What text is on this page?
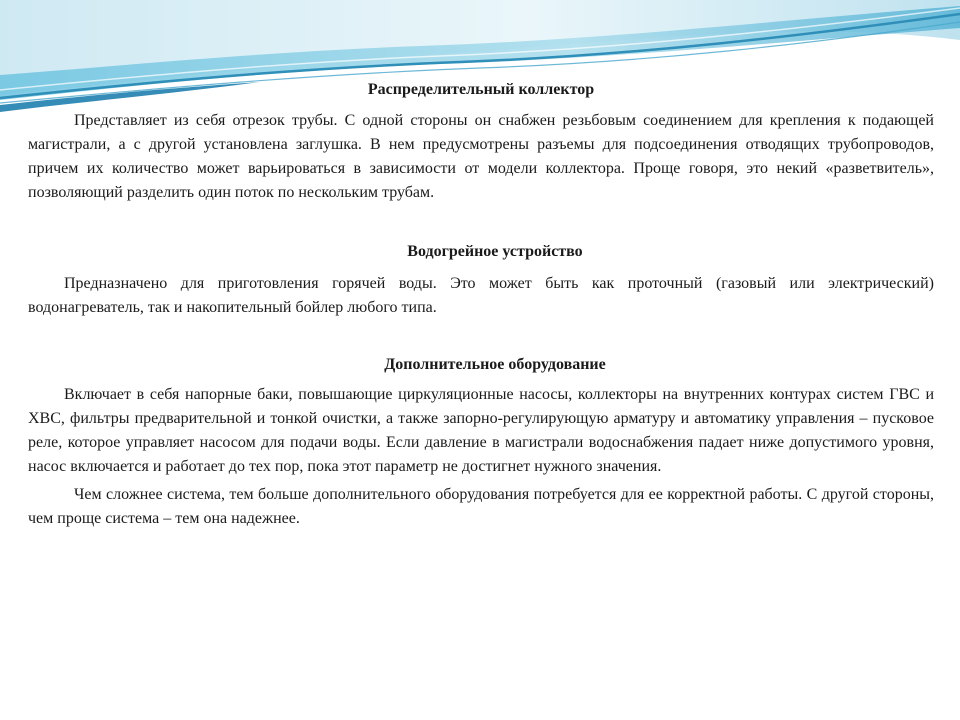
Распределительный коллектор

Представляет из себя отрезок трубы. С одной стороны он снабжен резьбовым соединением для крепления к подающей магистрали, а с другой установлена заглушка. В нем предусмотрены разъемы для подсоединения отводящих трубопроводов, причем их количество может варьироваться в зависимости от модели коллектора. Проще говоря, это некий «разветвитель», позволяющий разделить один поток по нескольким трубам.

Водогрейное устройство

Предназначено для приготовления горячей воды. Это может быть как проточный (газовый или электрический) водонагреватель, так и накопительный бойлер любого типа.

Дополнительное оборудование

Включает в себя напорные баки, повышающие циркуляционные насосы, коллекторы на внутренних контурах систем ГВС и ХВС, фильтры предварительной и тонкой очистки, а также запорно-регулирующую арматуру и автоматику управления – пусковое реле, которое управляет насосом для подачи воды. Если давление в магистрали водоснабжения падает ниже допустимого уровня, насос включается и работает до тех пор, пока этот параметр не достигнет нужного значения.

Чем сложнее система, тем больше дополнительного оборудования потребуется для ее корректной работы. С другой стороны, чем проще система – тем она надежнее.
